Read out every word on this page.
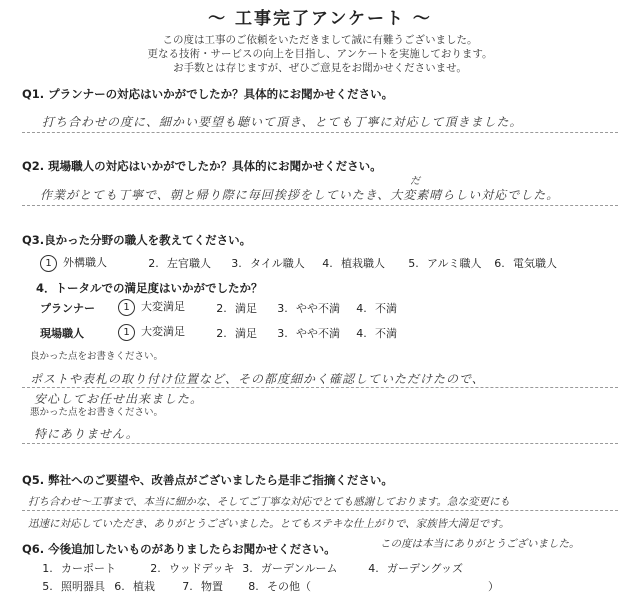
〜 工事完了アンケート 〜
この度は工事のご依頼をいただきまして誠に有難うございました。
更なる技術・サービスの向上を目指し、アンケートを実施しております。
お手数とは存じますが、ぜひご意見をお聞かせくださいませ。
Q1. プランナーの対応はいかがでしたか？具体的にお聞かせください。
打ち合わせの度に、細かい要望も聴いて頂き、とても丁寧に対応して頂きました。
Q2. 現場職人の対応はいかがでしたか？具体的にお聞かせください。
だ
作業がとても丁寧で、朝と帰り際に毎回挨拶をしていたき、大変素晴らしい対応でした。
Q3.良かった分野の職人を教えてください。
1 外構職人	2. 左官職人 3. タイル職人 4. 植栽職人 5. アルミ職人 6. 電気職人
4．トータルでの満足度はいかがでしたか？
プランナー	1 大変満足	2. 満足 3. やや不満 4. 不満
現場職人	1 大変満足	2. 満足 3. やや不満 4. 不満
良かった点をお書きください。
ポストや表札の取り付け位置など、その都度細かく確認していただけたので、
安心してお任せ出来ました。
悪かった点をお書きください。
特にありません。
Q5. 弊社へのご要望や、改善点がございましたら是非ご指摘ください。
打ち合わせ〜工事まで、本当に細かな、そしてご丁寧な対応でとても感謝しております。急な変更にも
迅速に対応していただき、ありがとうございました。とてもステキな仕上がりで、家族皆大満足です。
この度は本当にありがとうございました。
Q6. 今後追加したいものがありましたらお聞かせください。
1. カーポート	2. ウッドデッキ 3. ガーデンルーム	4. ガーデングッズ
5. 照明器具 6. 植栽 7. 物置 8. その他（	）
